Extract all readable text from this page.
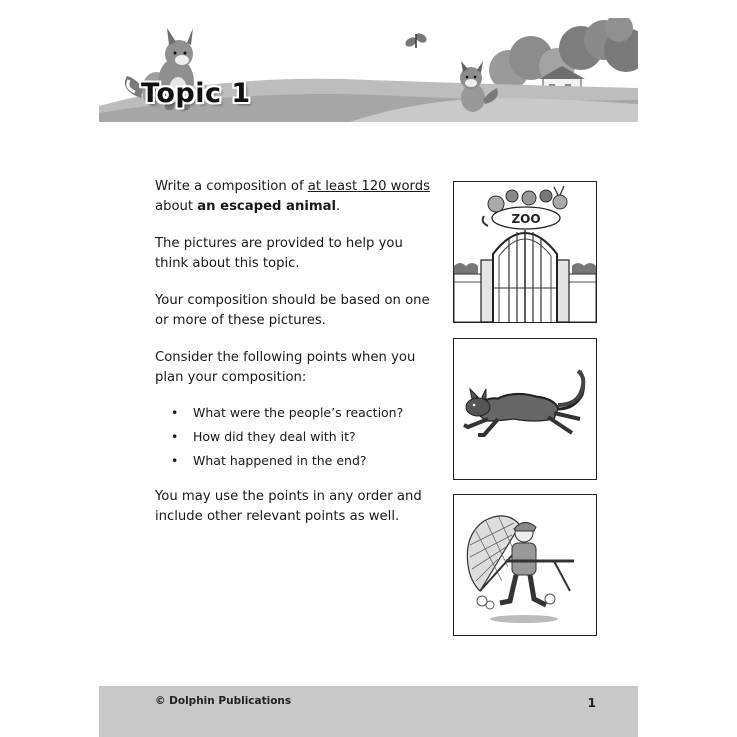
Topic 1

Write a composition of at least 120 words
about an escaped animal.

The pictures are provided to help you think about this topic.

Your composition should be based on one or more of these pictures.

Consider the following points when you plan your composition:

• What were the people’s reaction?
• How did they deal with it?
• What happened in the end?

You may use the points in any order and include other relevant points as well.

ZOO
© Dolphin Publications	1
